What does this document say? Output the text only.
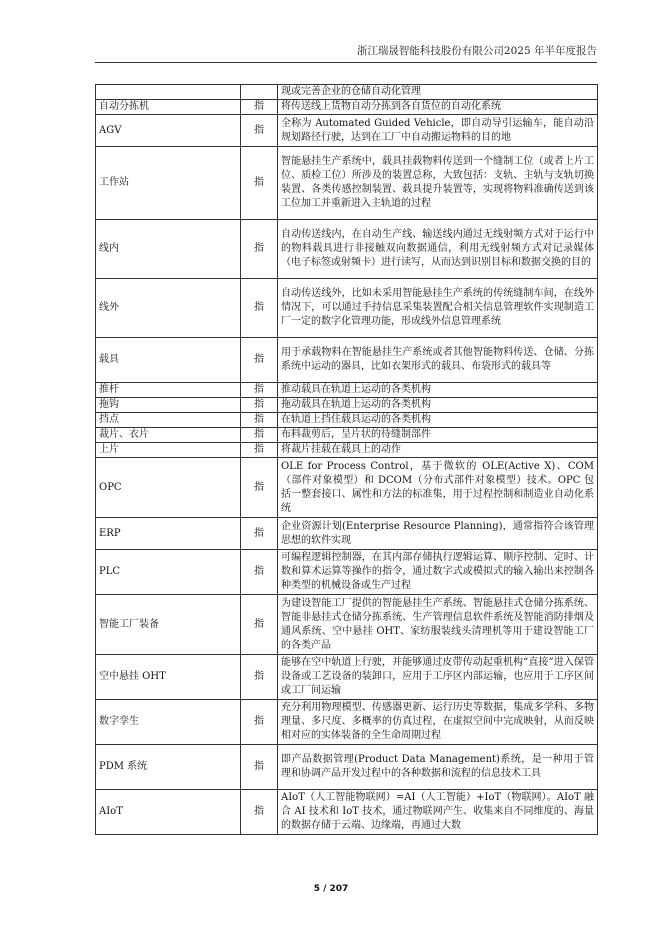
浙江瑞晟智能科技股份有限公司2025 年半年度报告
		现或完善企业的仓储自动化管理
自动分拣机	指	将传送线上货物自动分拣到各自货位的自动化系统
AGV	指	全称为 Automated Guided Vehicle，即自动导引运输车，能自动沿规划路径行驶，达到在工厂中自动搬运物料的目的地
工作站	指	智能悬挂生产系统中，载具挂载物料传送到一个缝制工位（或者上片工位、质检工位）所涉及的装置总称，大致包括：支轨、主轨与支轨切换装置、各类传感控制装置、载具提升装置等，实现将物料准确传送到该工位加工并重新进入主轨道的过程
线内	指	自动传送线内，在自动生产线、输送线内通过无线射频方式对于运行中的物料载具进行非接触双向数据通信，利用无线射频方式对记录媒体（电子标签或射频卡）进行读写，从而达到识别目标和数据交换的目的
线外	指	自动传送线外，比如未采用智能悬挂生产系统的传统缝制车间，在线外情况下，可以通过手持信息采集装置配合相关信息管理软件实现制造工厂一定的数字化管理功能，形成线外信息管理系统
载具	指	用于承载物料在智能悬挂生产系统或者其他智能物料传送、仓储、分拣系统中运动的器具，比如衣架形式的载具、布袋形式的载具等
推杆	指	推动载具在轨道上运动的各类机构
拖钩	指	拖动载具在轨道上运动的各类机构
挡点	指	在轨道上挡住载具运动的各类机构
裁片、衣片	指	布料裁剪后，呈片状的待缝制部件
上片	指	将裁片挂载在载具上的动作
OPC	指	OLE for Process Control，基于微软的 OLE(Active X)、COM（部件对象模型）和 DCOM（分布式部件对象模型）技术。OPC 包括一整套接口、属性和方法的标准集，用于过程控制和制造业自动化系统
ERP	指	企业资源计划(Enterprise Resource Planning)，通常指符合该管理思想的软件实现
PLC	指	可编程逻辑控制器，在其内部存储执行逻辑运算、顺序控制、定时、计数和算术运算等操作的指令，通过数字式或模拟式的输入输出来控制各种类型的机械设备或生产过程
智能工厂装备	指	为建设智能工厂提供的智能悬挂生产系统、智能悬挂式仓储分拣系统、智能非悬挂式仓储分拣系统、生产管理信息软件系统及智能消防排烟及通风系统、空中悬挂 OHT、家纺服装线头清理机等用于建设智能工厂的各类产品
空中悬挂 OHT	指	能够在空中轨道上行驶，并能够通过皮带传动起重机构“直接”进入保管设备或工艺设备的装卸口，应用于工序区内部运输，也应用于工序区间或工厂间运输
数字孪生	指	充分利用物理模型、传感器更新、运行历史等数据，集成多学科、多物理量、多尺度、多概率的仿真过程，在虚拟空间中完成映射，从而反映相对应的实体装备的全生命周期过程
PDM 系统	指	即产品数据管理(Product Data Management)系统，是一种用于管理和协调产品开发过程中的各种数据和流程的信息技术工具
AIoT	指	AIoT（人工智能物联网）=AI（人工智能）+IoT（物联网）。AIoT 融合 AI 技术和 IoT 技术，通过物联网产生、收集来自不同维度的、海量的数据存储于云端、边缘端，再通过大数
5 / 207
